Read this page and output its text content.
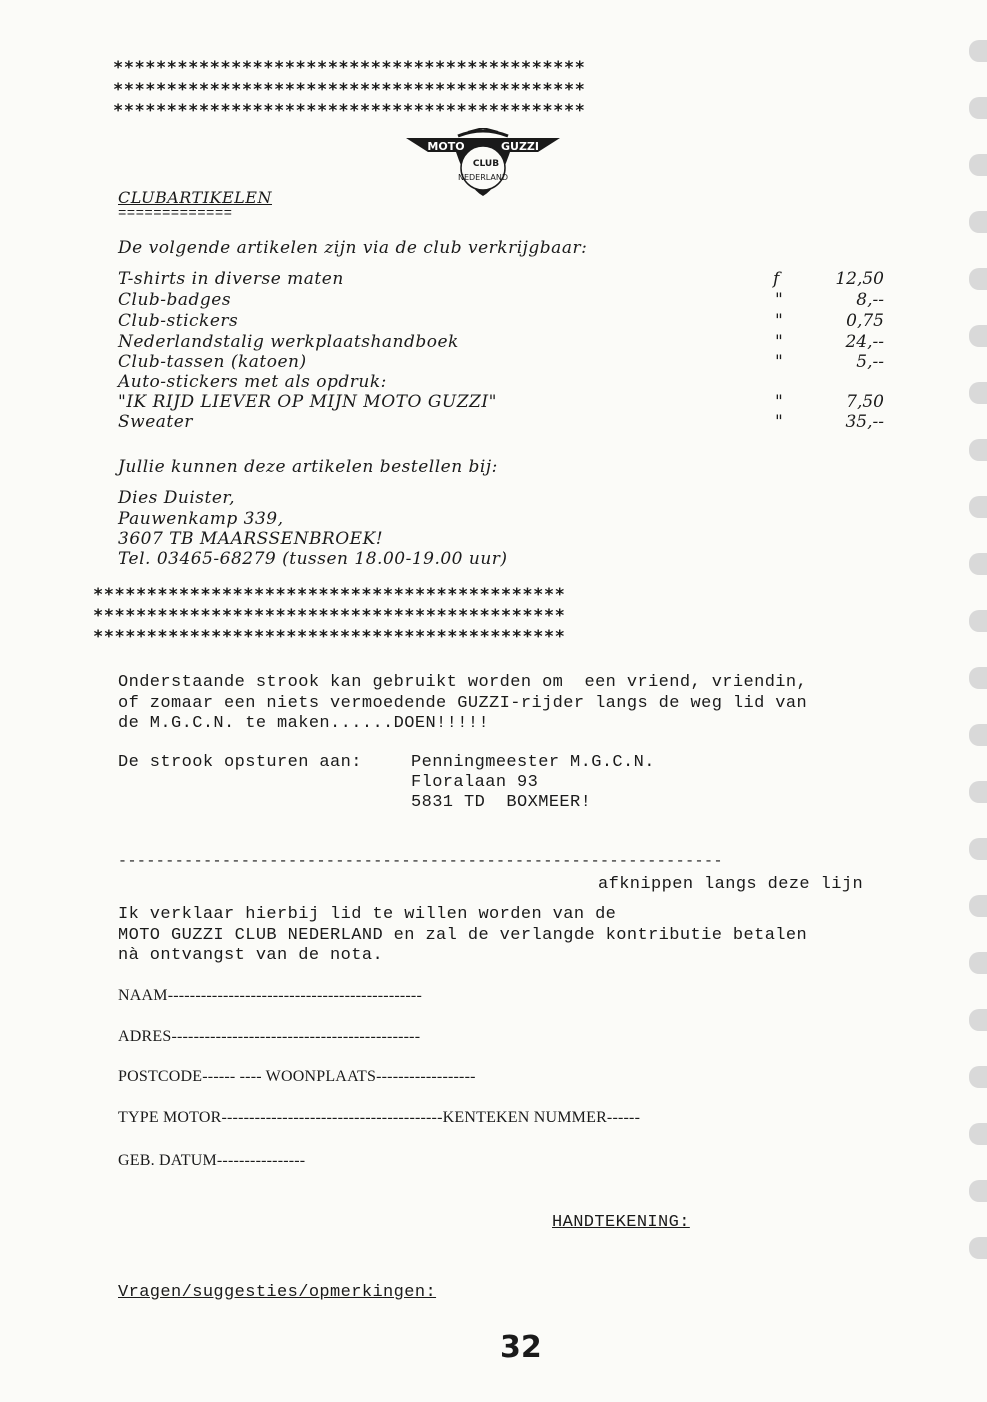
********************************************
********************************************
********************************************
MOTO	GUZZI
CLUB
NEDERLAND
CLUBARTIKELEN
=============
De volgende artikelen zijn via de club verkrijgbaar:
T-shirts in diverse maten	f	12,50
Club-badges	"	8,--
Club-stickers	"	0,75
Nederlandstalig werkplaatshandboek	"	24,--
Club-tassen (katoen)	"	5,--
Auto-stickers met als opdruk:
"IK RIJD LIEVER OP MIJN MOTO GUZZI"	"	7,50
Sweater	"	35,--
Jullie kunnen deze artikelen bestellen bij:
Dies Duister,
Pauwenkamp 339,
3607 TB MAARSSENBROEK!
Tel. 03465-68279 (tussen 18.00-19.00 uur)
********************************************
********************************************
********************************************
Onderstaande strook kan gebruikt worden om  een vriend, vriendin,
of zomaar een niets vermoedende GUZZI-rijder langs de weg lid van
de M.G.C.N. te maken......DOEN!!!!!
De strook opsturen aan:	Penningmeester M.G.C.N.
Floralaan 93
5831 TD  BOXMEER!
----------------------------------------------------------------
afknippen langs deze lijn
Ik verklaar hierbij lid te willen worden van de
MOTO GUZZI CLUB NEDERLAND en zal de verlangde kontributie betalen
nà ontvangst van de nota.
NAAM----------------------------------------------
ADRES---------------------------------------------
POSTCODE------ ---- WOONPLAATS------------------
TYPE MOTOR----------------------------------------KENTEKEN NUMMER------
GEB. DATUM----------------
HANDTEKENING:
Vragen/suggesties/opmerkingen:
32
